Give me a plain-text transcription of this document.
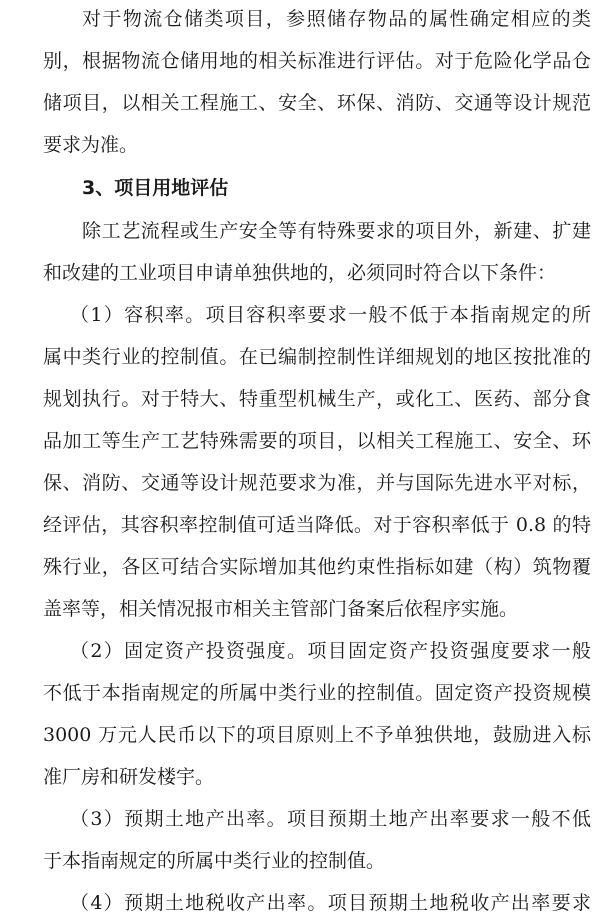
对于物流仓储类项目，参照储存物品的属性确定相应的类
别，根据物流仓储用地的相关标准进行评估。对于危险化学品仓
储项目，以相关工程施工、安全、环保、消防、交通等设计规范
要求为准。
3、项目用地评估
除工艺流程或生产安全等有特殊要求的项目外，新建、扩建
和改建的工业项目申请单独供地的，必须同时符合以下条件：
（1）容积率。项目容积率要求一般不低于本指南规定的所
属中类行业的控制值。在已编制控制性详细规划的地区按批准的
规划执行。对于特大、特重型机械生产，或化工、医药、部分食
品加工等生产工艺特殊需要的项目，以相关工程施工、安全、环
保、消防、交通等设计规范要求为准，并与国际先进水平对标，
经评估，其容积率控制值可适当降低。对于容积率低于 0.8 的特
殊行业，各区可结合实际增加其他约束性指标如建（构）筑物覆
盖率等，相关情况报市相关主管部门备案后依程序实施。
（2）固定资产投资强度。项目固定资产投资强度要求一般
不低于本指南规定的所属中类行业的控制值。固定资产投资规模
3000 万元人民币以下的项目原则上不予单独供地，鼓励进入标
准厂房和研发楼宇。
（3）预期土地产出率。项目预期土地产出率要求一般不低
于本指南规定的所属中类行业的控制值。
（4）预期土地税收产出率。项目预期土地税收产出率要求
